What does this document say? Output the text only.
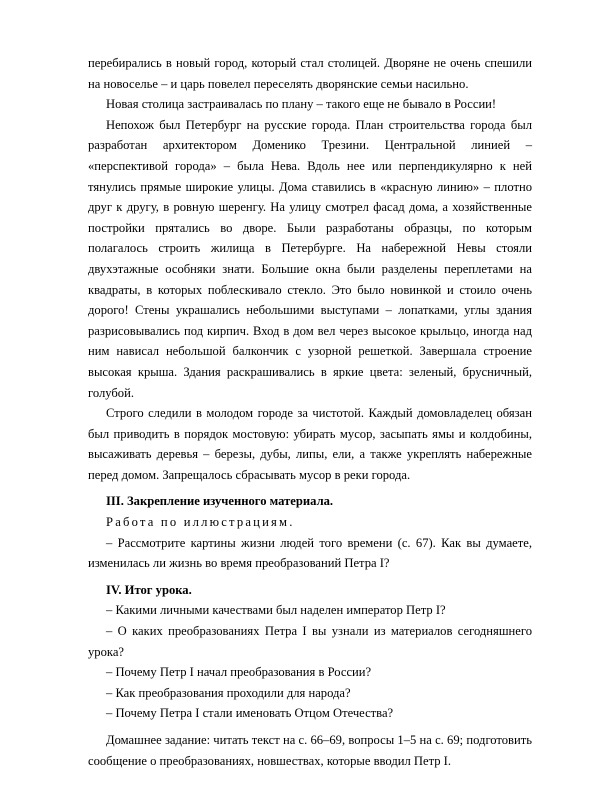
перебирались в новый город, который стал столицей. Дворяне не очень спешили на новоселье – и царь повелел переселять дворянские семьи насильно.

Новая столица застраивалась по плану – такого еще не бывало в России!

Непохож был Петербург на русские города. План строительства города был разработан архитектором Доменико Трезини. Центральной линией – «перспективой города» – была Нева. Вдоль нее или перпендикулярно к ней тянулись прямые широкие улицы. Дома ставились в «красную линию» – плотно друг к другу, в ровную шеренгу. На улицу смотрел фасад дома, а хозяйственные постройки прятались во дворе. Были разработаны образцы, по которым полагалось строить жилища в Петербурге. На набережной Невы стояли двухэтажные особняки знати. Большие окна были разделены переплетами на квадраты, в которых поблескивало стекло. Это было новинкой и стоило очень дорого! Стены украшались небольшими выступами – лопатками, углы здания разрисовывались под кирпич. Вход в дом вел через высокое крыльцо, иногда над ним нависал небольшой балкончик с узорной решеткой. Завершала строение высокая крыша. Здания раскрашивались в яркие цвета: зеленый, брусничный, голубой.

Строго следили в молодом городе за чистотой. Каждый домовладелец обязан был приводить в порядок мостовую: убирать мусор, засыпать ямы и колдобины, высаживать деревья – березы, дубы, липы, ели, а также укреплять набережные перед домом. Запрещалось сбрасывать мусор в реки города.

III. Закрепление изученного материала.

Работа по иллюстрациям.

– Рассмотрите картины жизни людей того времени (с. 67). Как вы думаете, изменилась ли жизнь во время преобразований Петра I?

IV. Итог урока.

– Какими личными качествами был наделен император Петр I?

– О каких преобразованиях Петра I вы узнали из материалов сегодняшнего урока?

– Почему Петр I начал преобразования в России?

– Как преобразования проходили для народа?

– Почему Петра I стали именовать Отцом Отечества?

Домашнее задание: читать текст на с. 66–69, вопросы 1–5 на с. 69; подготовить сообщение о преобразованиях, новшествах, которые вводил Петр I.
